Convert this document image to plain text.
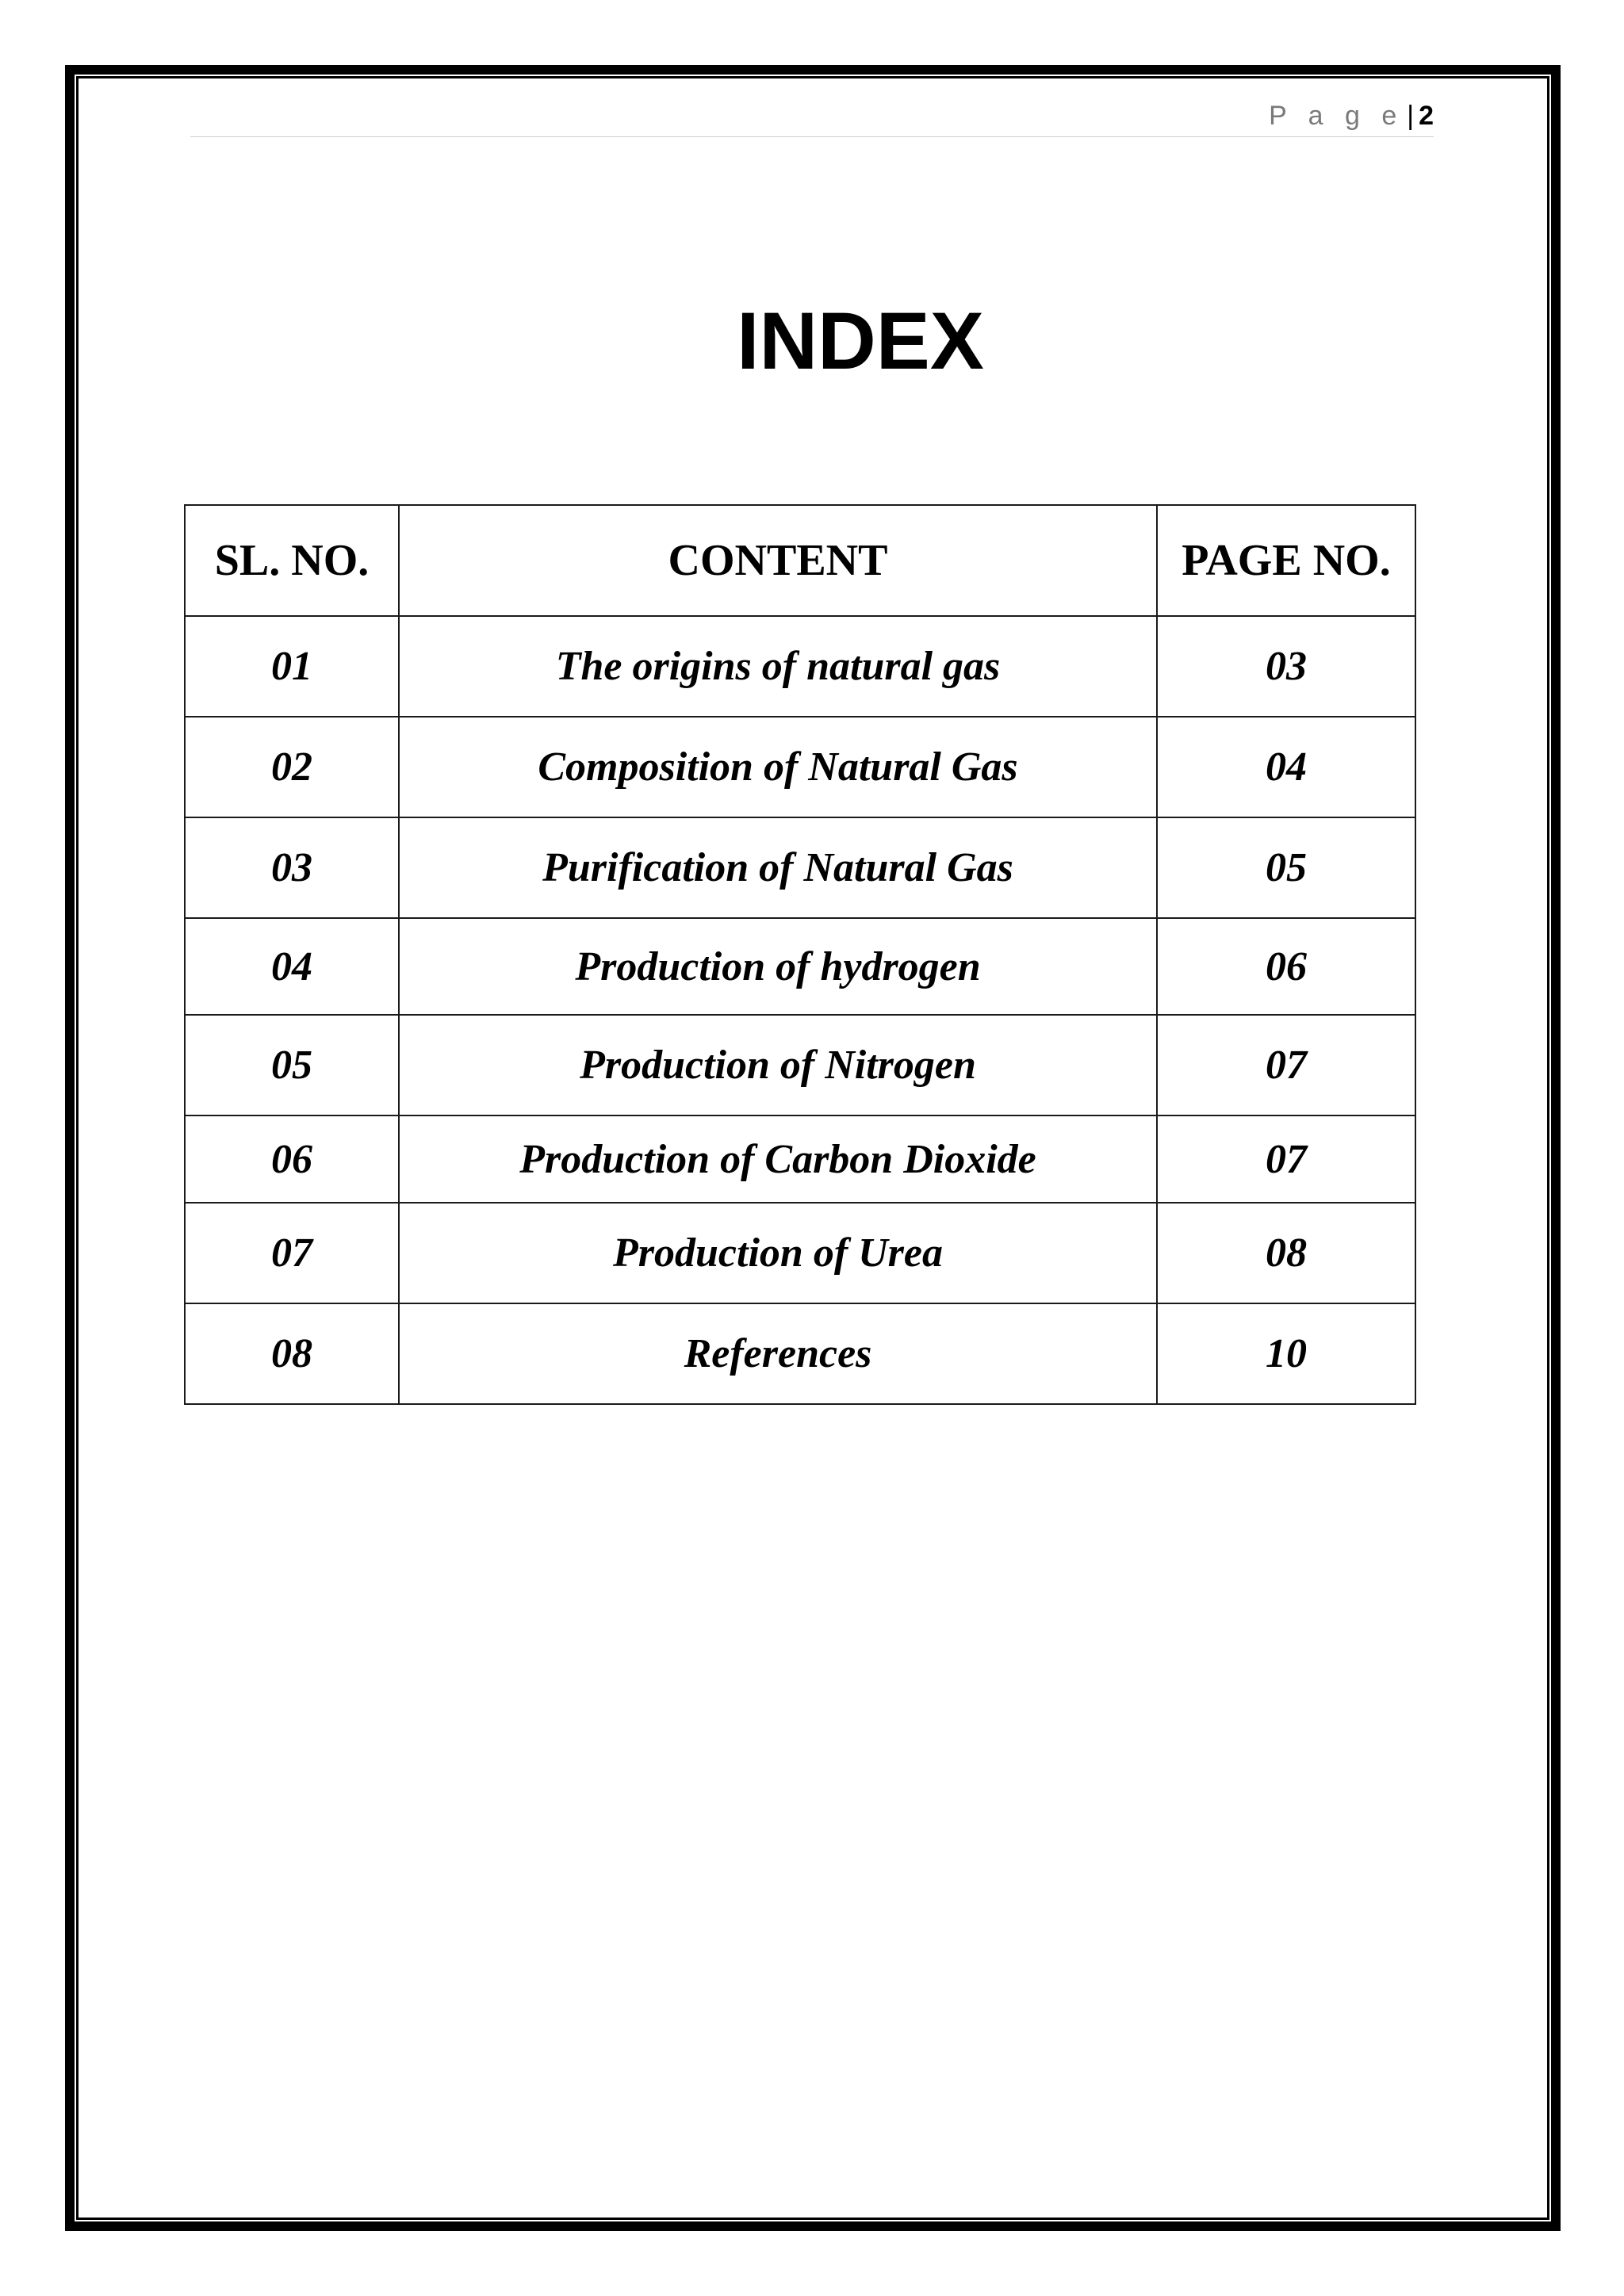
P a g e | 2
INDEX
SL. NO.	CONTENT	PAGE NO.
01	The origins of natural gas	03
02	Composition of Natural Gas	04
03	Purification of Natural Gas	05
04	Production of hydrogen	06
05	Production of Nitrogen	07
06	Production of Carbon Dioxide	07
07	Production of Urea	08
08	References	10
